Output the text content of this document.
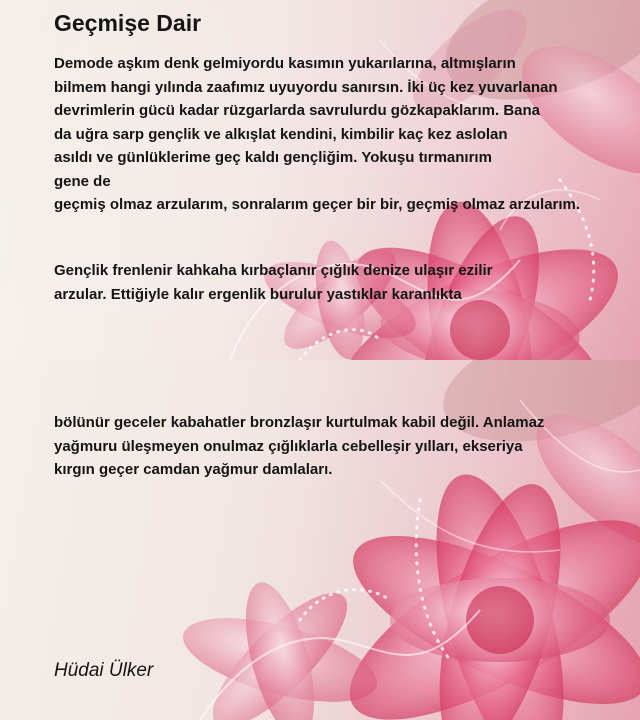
Geçmişe Dair
Demode aşkım denk gelmiyordu kasımın yukarılarına, altmışların
bilmem hangi yılında zaafımız uyuyordu sanırsın. İki üç kez yuvarlanan
devrimlerin gücü kadar rüzgarlarda savrulurdu gözkapaklarım. Bana
da uğra sarp gençlik ve alkışlat kendini, kimbilir kaç kez aslolan
asıldı ve günlüklerime geç kaldı gençliğim. Yokuşu tırmanırım
gene de
geçmiş olmaz arzularım, sonralarım geçer bir bir, geçmiş olmaz arzularım.
Gençlik frenlenir kahkaha kırbaçlanır çığlık denize ulaşır ezilir
arzular. Ettiğiyle kalır ergenlik burulur yastıklar karanlıkta
bölünür geceler kabahatler bronzlaşır kurtulmak kabil değil. Anlamaz
yağmuru üleşmeyen onulmaz çığlıklarla cebelleşir yılları, ekseriya
kırgın geçer camdan yağmur damlaları.
Hüdai Ülker
